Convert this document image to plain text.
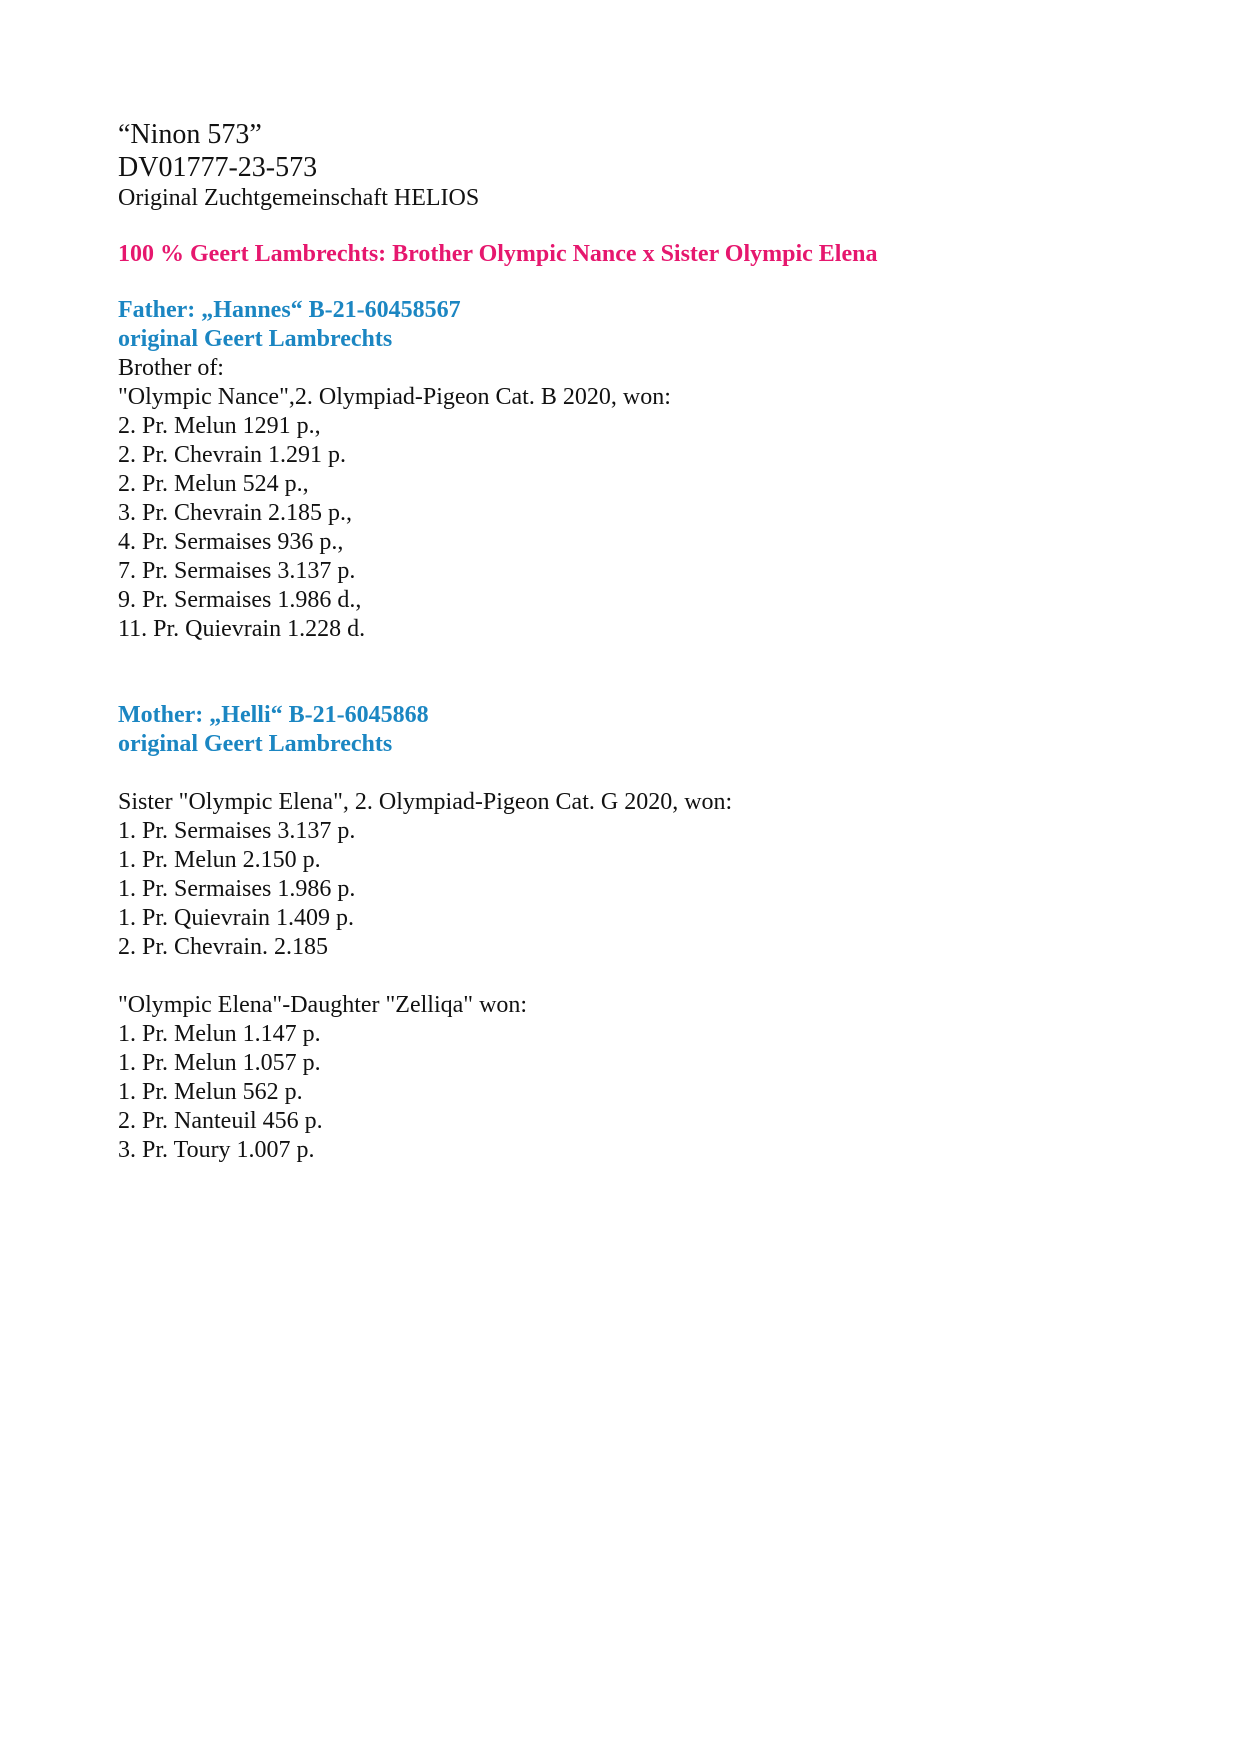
“Ninon 573”
DV01777-23-573
Original Zuchtgemeinschaft HELIOS
100 % Geert Lambrechts: Brother Olympic Nance x Sister Olympic Elena
Father: „Hannes“ B-21-60458567
original Geert Lambrechts
Brother of:
"Olympic Nance",2. Olympiad-Pigeon Cat. B 2020, won:
2. Pr. Melun 1291 p.,
2. Pr. Chevrain 1.291 p.
2. Pr. Melun 524 p.,
3. Pr. Chevrain 2.185 p.,
4. Pr. Sermaises 936 p.,
7. Pr. Sermaises 3.137 p.
9. Pr. Sermaises 1.986 d.,
11. Pr. Quievrain 1.228 d.
Mother: „Helli“ B-21-6045868
original Geert Lambrechts
Sister "Olympic Elena", 2. Olympiad-Pigeon Cat. G 2020, won:
1. Pr. Sermaises 3.137 p.
1. Pr. Melun 2.150 p.
1. Pr. Sermaises 1.986 p.
1. Pr. Quievrain 1.409 p.
2. Pr. Chevrain. 2.185
"Olympic Elena"-Daughter "Zelliqa" won:
1. Pr. Melun 1.147 p.
1. Pr. Melun 1.057 p.
1. Pr. Melun 562 p.
2. Pr. Nanteuil 456 p.
3. Pr. Toury 1.007 p.
